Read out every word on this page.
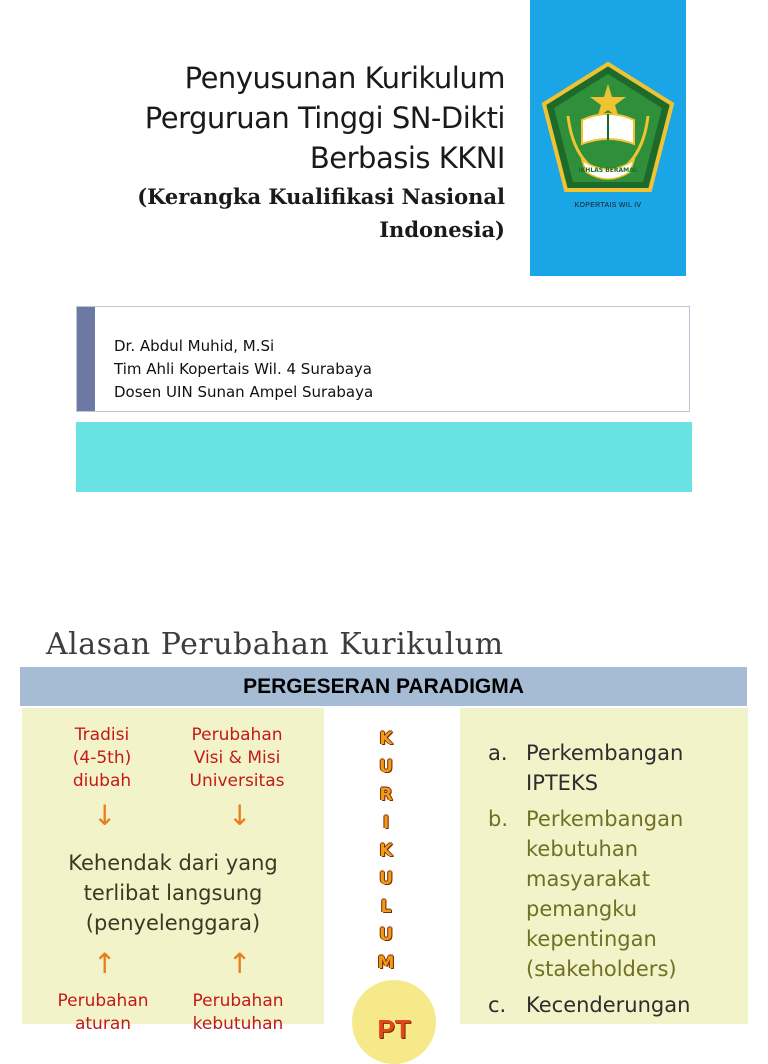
Penyusunan Kurikulum
Perguruan Tinggi SN-Dikti
Berbasis KKNI
(Kerangka Kualifikasi Nasional
Indonesia)
IKHLAS BERAMAL
KOPERTAIS WIL IV
Dr. Abdul Muhid, M.Si
Tim Ahli Kopertais Wil. 4 Surabaya
Dosen UIN Sunan Ampel Surabaya
Alasan Perubahan Kurikulum
PERGESERAN PARADIGMA
Tradisi
(4-5th)
diubah
Perubahan
Visi & Misi
Universitas
↓	↓
Kehendak dari yang
terlibat langsung
(penyelenggara)
↑	↑
Perubahan
aturan
Perubahan
kebutuhan
K
U
R
I
K
U
L
U
M
PT
a. Perkembangan
IPTEKS
b. Perkembangan
kebutuhan
masyarakat
pemangku
kepentingan
(stakeholders)
c. Kecenderungan
